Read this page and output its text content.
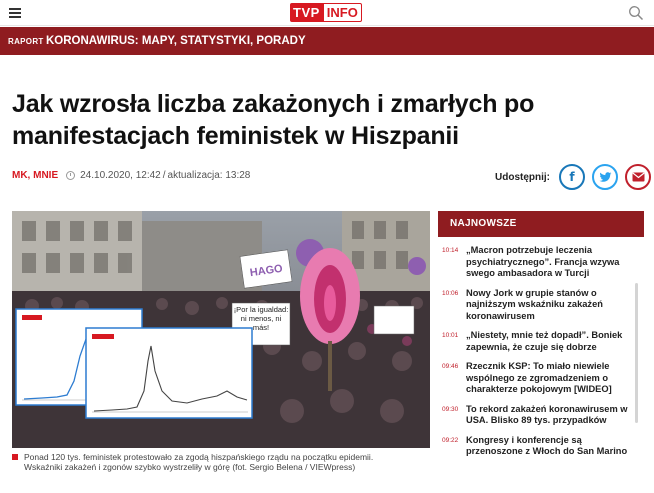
TVP INFO
RAPORT KORONAWIRUS: MAPY, STATYSTYKI, PORADY
Jak wzrosła liczba zakażonych i zmarłych po manifestacjach feministek w Hiszpanii
MK, MNIE 24.10.2020, 12:42 / aktualizacja: 13:28	Udostępnij: f
HAGO
¡Por la igualdad: ni menos, ni más!
Ponad 120 tys. feministek protestowało za zgodą hiszpańskiego rządu na początku epidemii.
Wskaźniki zakażeń i zgonów szybko wystrzeliły w górę (fot. Sergio Belena / VIEWpress)
NAJNOWSZE
10:14 „Macron potrzebuje leczenia psychiatrycznego”. Francja wzywa swego ambasadora w Turcji
10:06 Nowy Jork w grupie stanów o najniższym wskaźniku zakażeń koronawirusem
10:01 „Niestety, mnie też dopadł”. Boniek zapewnia, że czuje się dobrze
09:46 Rzecznik KSP: To miało niewiele wspólnego ze zgromadzeniem o charakterze pokojowym [WIDEO]
09:30 To rekord zakażeń koronawirusem w USA. Blisko 89 tys. przypadków
09:22 Kongresy i konferencje są przenoszone z Włoch do San Marino
